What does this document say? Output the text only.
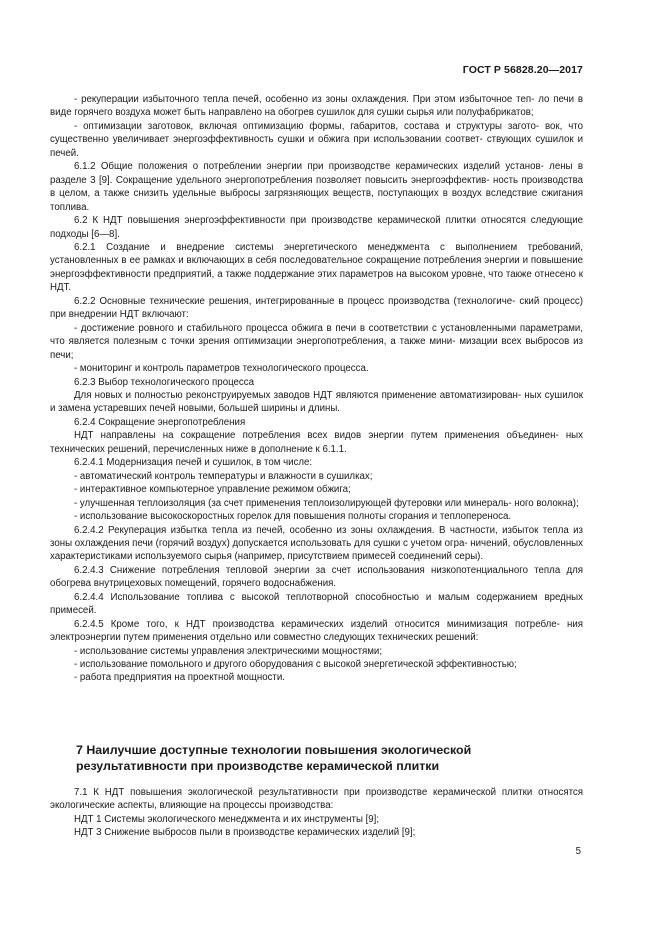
ГОСТ Р 56828.20—2017

- рекуперации избыточного тепла печей, особенно из зоны охлаждения. При этом избыточное теп- ло печи в виде горячего воздуха может быть направлено на обогрев сушилок для сушки сырья или полуфабрикатов;

- оптимизации заготовок, включая оптимизацию формы, габаритов, состава и структуры загото- вок, что существенно увеличивает энергоэффективность сушки и обжига при использовании соответ- ствующих сушилок и печей.

6.1.2 Общие положения о потреблении энергии при производстве керамических изделий установ- лены в разделе 3 [9]. Сокращение удельного энергопотребления позволяет повысить энергоэффектив- ность производства в целом, а также снизить удельные выбросы загрязняющих веществ, поступающих в воздух вследствие сжигания топлива.

6.2 К НДТ повышения энергоэффективности при производстве керамической плитки относятся следующие подходы [6—8].

6.2.1 Создание и внедрение системы энергетического менеджмента с выполнением требований, установленных в ее рамках и включающих в себя последовательное сокращение потребления энергии и повышение энергоэффективности предприятий, а также поддержание этих параметров на высоком уровне, что также отнесено к НДТ.

6.2.2 Основные технические решения, интегрированные в процесс производства (технологиче- ский процесс) при внедрении НДТ включают:

- достижение ровного и стабильного процесса обжига в печи в соответствии с установленными параметрами, что является полезным с точки зрения оптимизации энергопотребления, а также мини- мизации всех выбросов из печи;

- мониторинг и контроль параметров технологического процесса.

6.2.3 Выбор технологического процесса

Для новых и полностью реконструируемых заводов НДТ являются применение автоматизирован- ных сушилок и замена устаревших печей новыми, большей ширины и длины.

6.2.4 Сокращение энергопотребления

НДТ направлены на сокращение потребления всех видов энергии путем применения объединен- ных технических решений, перечисленных ниже в дополнение к 6.1.1.

6.2.4.1 Модернизация печей и сушилок, в том числе:

- автоматический контроль температуры и влажности в сушилках;

- интерактивное компьютерное управление режимом обжига;

- улучшенная теплоизоляция (за счет применения теплоизолирующей футеровки или минераль- ного волокна);

- использование высокоскоростных горелок для повышения полноты сгорания и теплопереноса.

6.2.4.2 Рекуперация избытка тепла из печей, особенно из зоны охлаждения. В частности, избыток тепла из зоны охлаждения печи (горячий воздух) допускается использовать для сушки с учетом огра- ничений, обусловленных характеристиками используемого сырья (например, присутствием примесей соединений серы).

6.2.4.3 Снижение потребления тепловой энергии за счет использования низкопотенциального тепла для обогрева внутрицеховых помещений, горячего водоснабжения.

6.2.4.4 Использование топлива с высокой теплотворной способностью и малым содержанием вредных примесей.

6.2.4.5 Кроме того, к НДТ производства керамических изделий относится минимизация потребле- ния электроэнергии путем применения отдельно или совместно следующих технических решений:

- использование системы управления электрическими мощностями;

- использование помольного и другого оборудования с высокой энергетической эффективностью;

- работа предприятия на проектной мощности.

7 Наилучшие доступные технологии повышения экологической

результативности при производстве керамической плитки

7.1 К НДТ повышения экологической результативности при производстве керамической плитки относятся экологические аспекты, влияющие на процессы производства:

НДТ 1 Системы экологического менеджмента и их инструменты [9];

НДТ 3 Снижение выбросов пыли в производстве керамических изделий [9];

5
